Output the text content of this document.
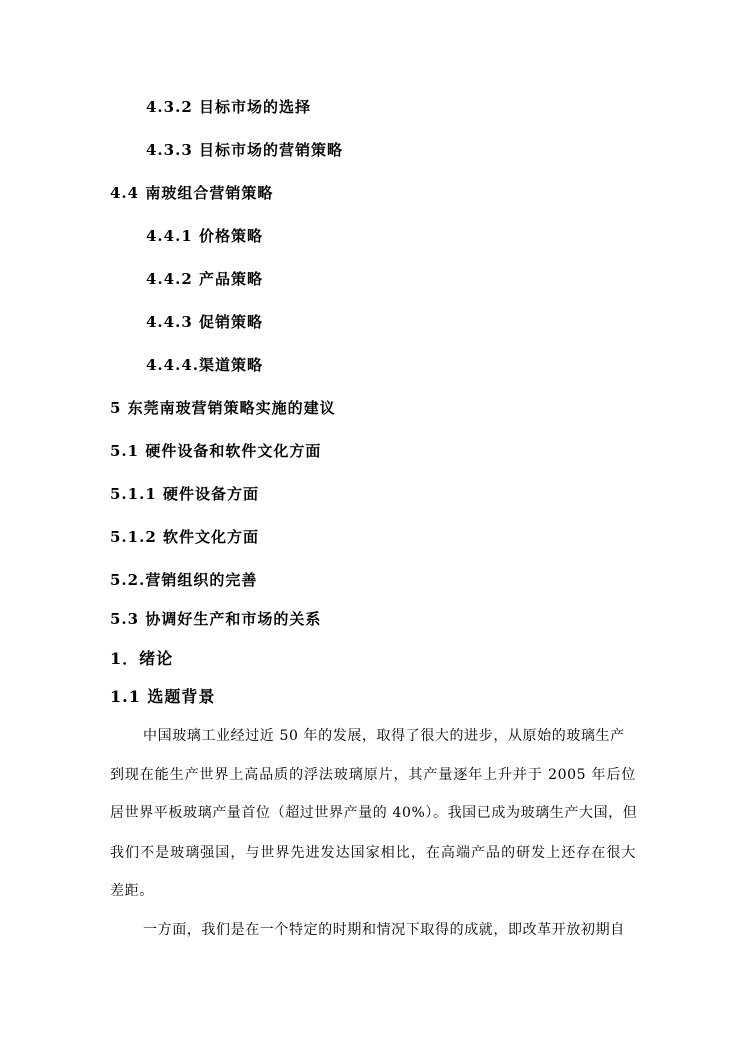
4.3.2 目标市场的选择
4.3.3 目标市场的营销策略
4.4 南玻组合营销策略
4.4.1 价格策略
4.4.2 产品策略
4.4.3 促销策略
4.4.4.渠道策略
5 东莞南玻营销策略实施的建议
5.1 硬件设备和软件文化方面
5.1.1 硬件设备方面
5.1.2 软件文化方面
5.2.营销组织的完善
5.3 协调好生产和市场的关系
1．绪论
1.1 选题背景
中国玻璃工业经过近 50 年的发展，取得了很大的进步，从原始的玻璃生产
到现在能生产世界上高品质的浮法玻璃原片，其产量逐年上升并于 2005 年后位
居世界平板玻璃产量首位（超过世界产量的 40%）。我国已成为玻璃生产大国，但
我们不是玻璃强国，与世界先进发达国家相比，在高端产品的研发上还存在很大
差距。
一方面，我们是在一个特定的时期和情况下取得的成就，即改革开放初期自
